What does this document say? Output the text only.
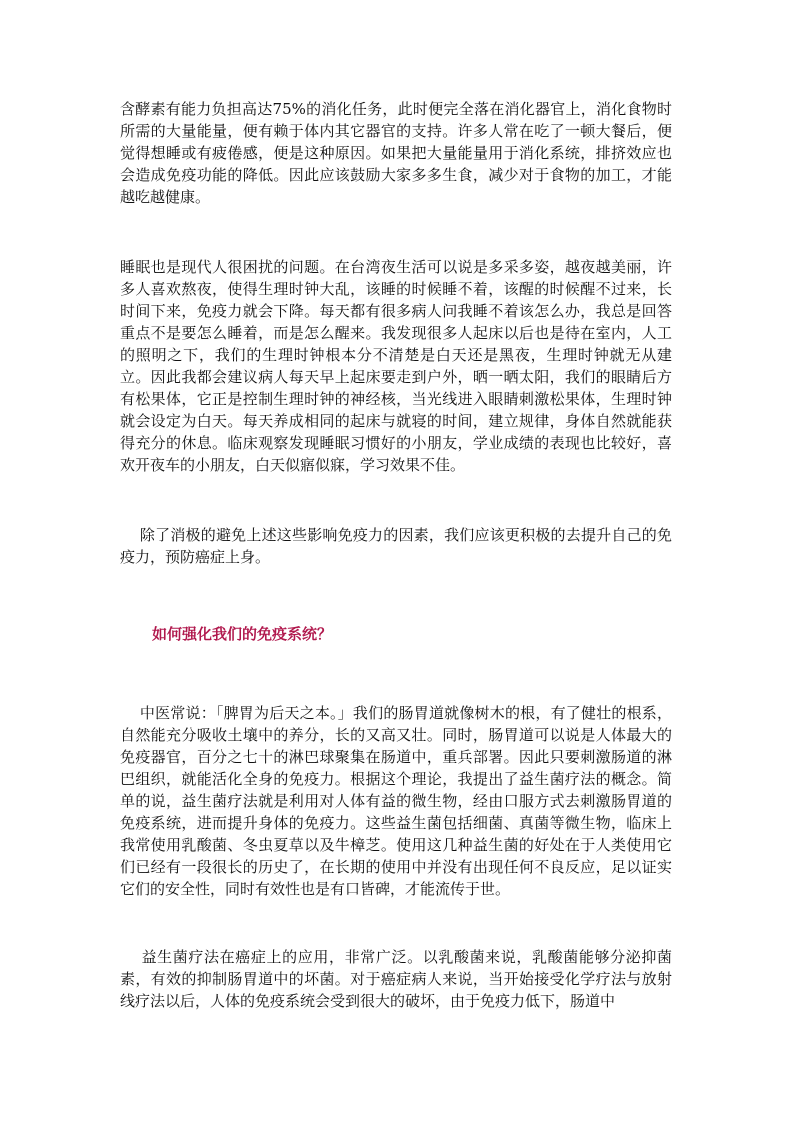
含酵素有能力负担高达75%的消化任务，此时便完全落在消化器官上，消化食物时所需的大量能量，便有赖于体内其它器官的支持。许多人常在吃了一顿大餐后，便觉得想睡或有疲倦感，便是这种原因。如果把大量能量用于消化系统，排挤效应也会造成免疫功能的降低。因此应该鼓励大家多多生食，减少对于食物的加工，才能越吃越健康。

睡眠也是现代人很困扰的问题。在台湾夜生活可以说是多采多姿，越夜越美丽，许多人喜欢熬夜，使得生理时钟大乱，该睡的时候睡不着，该醒的时候醒不过来，长时间下来，免疫力就会下降。每天都有很多病人问我睡不着该怎么办，我总是回答重点不是要怎么睡着，而是怎么醒来。我发现很多人起床以后也是待在室内，人工的照明之下，我们的生理时钟根本分不清楚是白天还是黑夜，生理时钟就无从建立。因此我都会建议病人每天早上起床要走到户外，晒一晒太阳，我们的眼睛后方有松果体，它正是控制生理时钟的神经核，当光线进入眼睛刺激松果体，生理时钟就会设定为白天。每天养成相同的起床与就寝的时间，建立规律，身体自然就能获得充分的休息。临床观察发现睡眠习惯好的小朋友，学业成绩的表现也比较好，喜欢开夜车的小朋友，白天似寤似寐，学习效果不佳。

除了消极的避免上述这些影响免疫力的因素，我们应该更积极的去提升自己的免疫力，预防癌症上身。

如何强化我们的免疫系统？

中医常说：「脾胃为后天之本。」我们的肠胃道就像树木的根，有了健壮的根系，自然能充分吸收土壤中的养分，长的又高又壮。同时，肠胃道可以说是人体最大的免疫器官，百分之七十的淋巴球聚集在肠道中，重兵部署。因此只要刺激肠道的淋巴组织，就能活化全身的免疫力。根据这个理论，我提出了益生菌疗法的概念。简单的说，益生菌疗法就是利用对人体有益的微生物，经由口服方式去刺激肠胃道的免疫系统，进而提升身体的免疫力。这些益生菌包括细菌、真菌等微生物，临床上我常使用乳酸菌、冬虫夏草以及牛樟芝。使用这几种益生菌的好处在于人类使用它们已经有一段很长的历史了，在长期的使用中并没有出现任何不良反应，足以证实它们的安全性，同时有效性也是有口皆碑，才能流传于世。

益生菌疗法在癌症上的应用，非常广泛。以乳酸菌来说，乳酸菌能够分泌抑菌素，有效的抑制肠胃道中的坏菌。对于癌症病人来说，当开始接受化学疗法与放射线疗法以后，人体的免疫系统会受到很大的破坏，由于免疫力低下，肠道中
